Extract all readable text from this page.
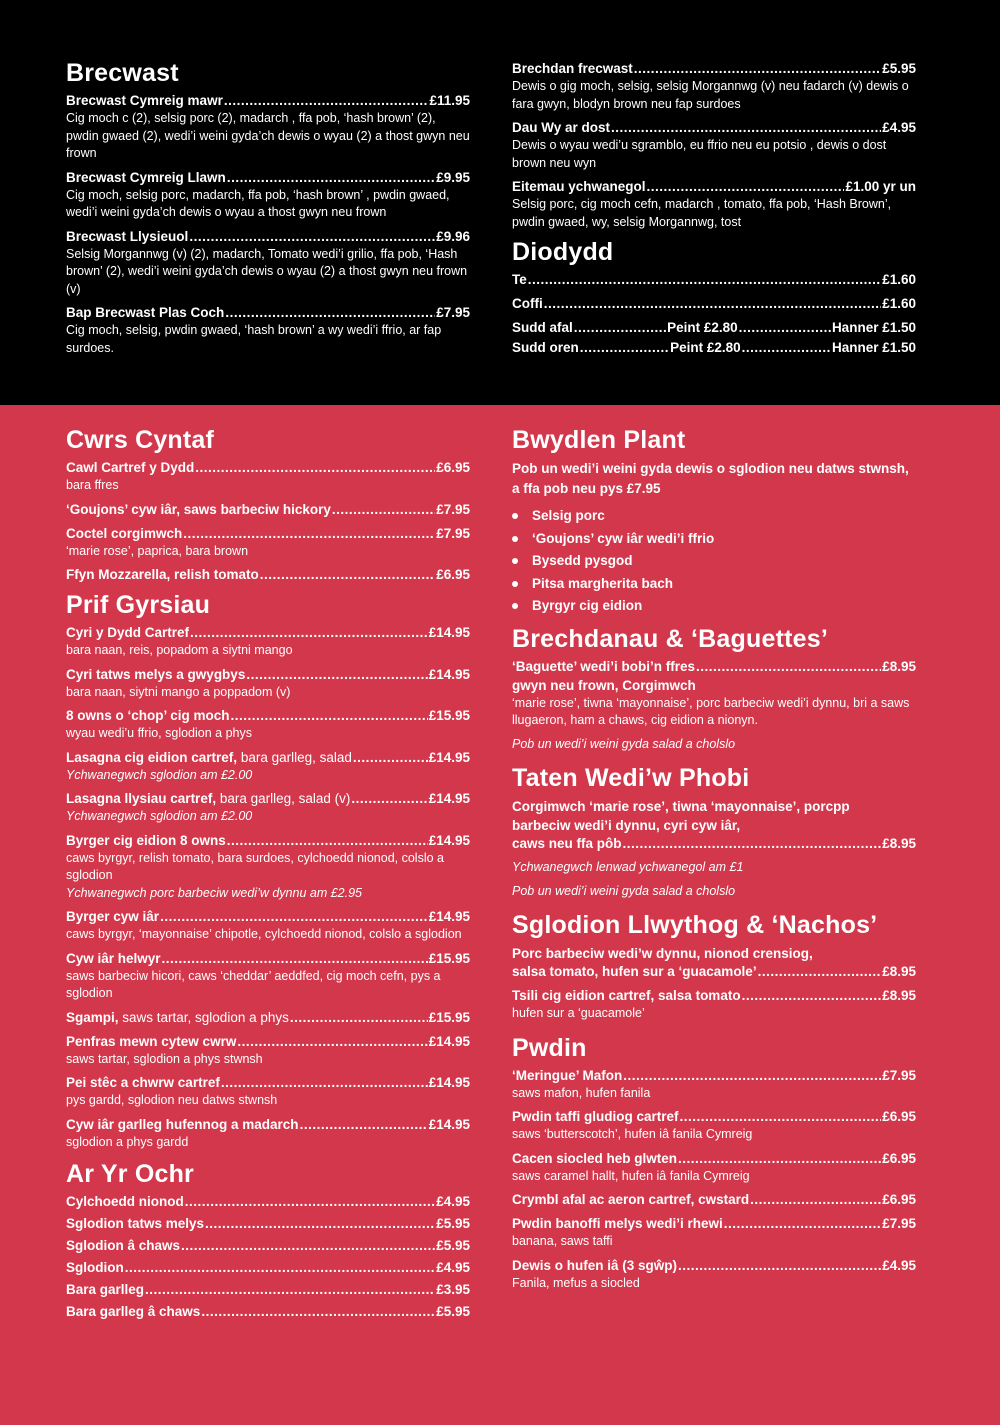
Brecwast
Brecwast Cymreig mawr .....	£11.95
Cig moch c (2), selsig porc (2), madarch , ffa pob, ‘hash brown’ (2), pwdin gwaed (2), wedi’i weini gyda’ch dewis o wyau (2) a thost gwyn neu frown
Brecwast Cymreig Llawn .....	£9.95
Cig moch, selsig porc, madarch, ffa pob, ‘hash brown’ , pwdin gwaed, wedi’i weini gyda’ch dewis o wyau a thost gwyn neu frown
Brecwast Llysieuol .....	£9.96
Selsig Morgannwg (v) (2), madarch, Tomato wedi’i grilio, ffa pob, ‘Hash brown’ (2), wedi’i weini gyda’ch dewis o wyau (2) a thost gwyn neu frown (v)
Bap Brecwast Plas Coch .....	£7.95
Cig moch, selsig, pwdin gwaed, ‘hash brown’ a wy wedi’i ffrio, ar fap surdoes.
Brechdan frecwast .....	£5.95
Dewis o gig moch, selsig, selsig Morgannwg (v) neu fadarch (v) dewis o fara gwyn, blodyn brown neu fap surdoes
Dau Wy ar dost .....	£4.95
Dewis o wyau wedi’u sgramblo, eu ffrio neu eu potsio , dewis o dost brown neu wyn
Eitemau ychwanegol .....	£1.00 yr un
Selsig porc, cig moch cefn, madarch , tomato, ffa pob, ‘Hash Brown’, pwdin gwaed, wy, selsig Morgannwg, tost
Diodydd
Te .....	£1.60
Coffi .....	£1.60
Sudd afal .....	Peint £2.80 .....	Hanner £1.50
Sudd oren .....	Peint £2.80 .....	Hanner £1.50
Cwrs Cyntaf
Cawl Cartref y Dydd .....	£6.95
bara ffres
‘Goujons’ cyw iâr, saws barbeciw hickory .....	£7.95
Coctel corgimwch .....	£7.95
‘marie rose’, paprica, bara brown
Ffyn Mozzarella, relish tomato .....	£6.95
Prif Gyrsiau
Cyri y Dydd Cartref .....	£14.95
bara naan, reis, popadom a siytni mango
Cyri tatws melys a gwygbys .....	£14.95
bara naan, siytni mango a poppadom (v)
8 owns o ‘chop’ cig moch .....	£15.95
wyau wedi’u ffrio, sglodion a phys
Lasagna cig eidion cartref, bara garlleg, salad .....	£14.95
Ychwanegwch sglodion am £2.00
Lasagna llysiau cartref, bara garlleg, salad (v) .....	£14.95
Ychwanegwch sglodion am £2.00
Byrger cig eidion 8 owns .....	£14.95
caws byrgyr, relish tomato, bara surdoes, cylchoedd nionod, colslo a sglodion
Ychwanegwch porc barbeciw wedi’w dynnu am £2.95
Byrger cyw iâr .....	£14.95
caws byrgyr, ‘mayonnaise’ chipotle, cylchoedd nionod, colslo a sglodion
Cyw iâr helwyr .....	£15.95
saws barbeciw hicori, caws ‘cheddar’ aeddfed, cig moch cefn, pys a sglodion
Sgampi, saws tartar, sglodion a phys .....	£15.95
Penfras mewn cytew cwrw .....	£14.95
saws tartar, sglodion a phys stwnsh
Pei stêc a chwrw cartref .....	£14.95
pys gardd, sglodion neu datws stwnsh
Cyw iâr garlleg hufennog a madarch .....	£14.95
sglodion a phys gardd
Ar Yr Ochr
Cylchoedd nionod .....	£4.95
Sglodion tatws melys .....	£5.95
Sglodion â chaws .....	£5.95
Sglodion .....	£4.95
Bara garlleg .....	£3.95
Bara garlleg â chaws .....	£5.95
Bwydlen Plant
Pob un wedi’i weini gyda dewis o sglodion neu datws stwnsh, a ffa pob neu pys £7.95
Selsig porc
‘Goujons’ cyw iâr wedi’i ffrio
Bysedd pysgod
Pitsa margherita bach
Byrgyr cig eidion
Brechdanau & ‘Baguettes’
‘Baguette’ wedi’i bobi’n ffres .....	£8.95
gwyn neu frown, Corgimwch
‘marie rose’, tiwna ‘mayonnaise’, porc barbeciw wedi’i dynnu, bri a saws llugaeron, ham a chaws, cig eidion a nionyn.
Pob un wedi’i weini gyda salad a cholslo
Taten Wedi’w Phobi
Corgimwch ‘marie rose’, tiwna ‘mayonnaise’, porcpp
barbeciw wedi’i dynnu, cyri cyw iâr,
caws neu ffa pôb .....	£8.95
Ychwanegwch lenwad ychwanegol am £1
Pob un wedi’i weini gyda salad a cholslo
Sglodion Llwythog & ‘Nachos’
Porc barbeciw wedi’w dynnu, nionod crensiog,
salsa tomato, hufen sur a ‘guacamole’ .....	£8.95
Tsili cig eidion cartref, salsa tomato .....	£8.95
hufen sur a ‘guacamole’
Pwdin
‘Meringue’ Mafon .....	£7.95
saws mafon, hufen fanila
Pwdin taffi gludiog cartref .....	£6.95
saws ‘butterscotch’, hufen iâ fanila Cymreig
Cacen siocled heb glwten .....	£6.95
saws caramel hallt, hufen iâ fanila Cymreig
Crymbl afal ac aeron cartref, cwstard .....	£6.95
Pwdin banoffi melys wedi’i rhewi .....	£7.95
banana, saws taffi
Dewis o hufen iâ (3 sgŵp) .....	£4.95
Fanila, mefus a siocled
